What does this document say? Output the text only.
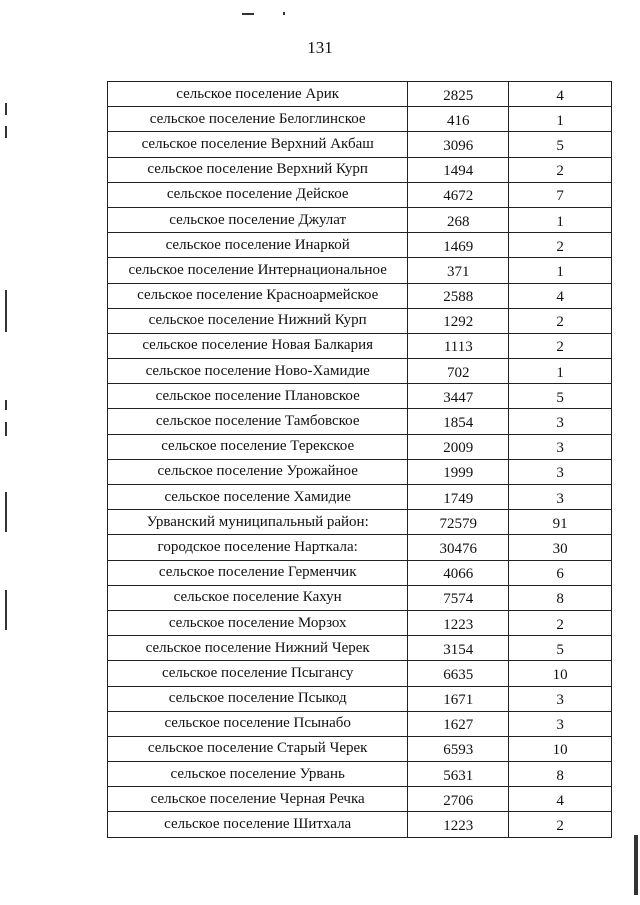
131
сельское поселение Арик	2825	4
сельское поселение Белоглинское	416	1
сельское поселение Верхний Акбаш	3096	5
сельское поселение Верхний Курп	1494	2
сельское поселение Дейское	4672	7
сельское поселение Джулат	268	1
сельское поселение Инаркой	1469	2
сельское поселение Интернациональное	371	1
сельское поселение Красноармейское	2588	4
сельское поселение Нижний Курп	1292	2
сельское поселение Новая Балкария	1113	2
сельское поселение Ново-Хамидие	702	1
сельское поселение Плановское	3447	5
сельское поселение Тамбовское	1854	3
сельское поселение Терекское	2009	3
сельское поселение Урожайное	1999	3
сельское поселение Хамидие	1749	3
Урванский муниципальный район:	72579	91
городское поселение Нарткала:	30476	30
сельское поселение Герменчик	4066	6
сельское поселение Кахун	7574	8
сельское поселение Морзох	1223	2
сельское поселение Нижний Черек	3154	5
сельское поселение Псыгансу	6635	10
сельское поселение Псыкод	1671	3
сельское поселение Псынабо	1627	3
сельское поселение Старый Черек	6593	10
сельское поселение Урвань	5631	8
сельское поселение Черная Речка	2706	4
сельское поселение Шитхала	1223	2
